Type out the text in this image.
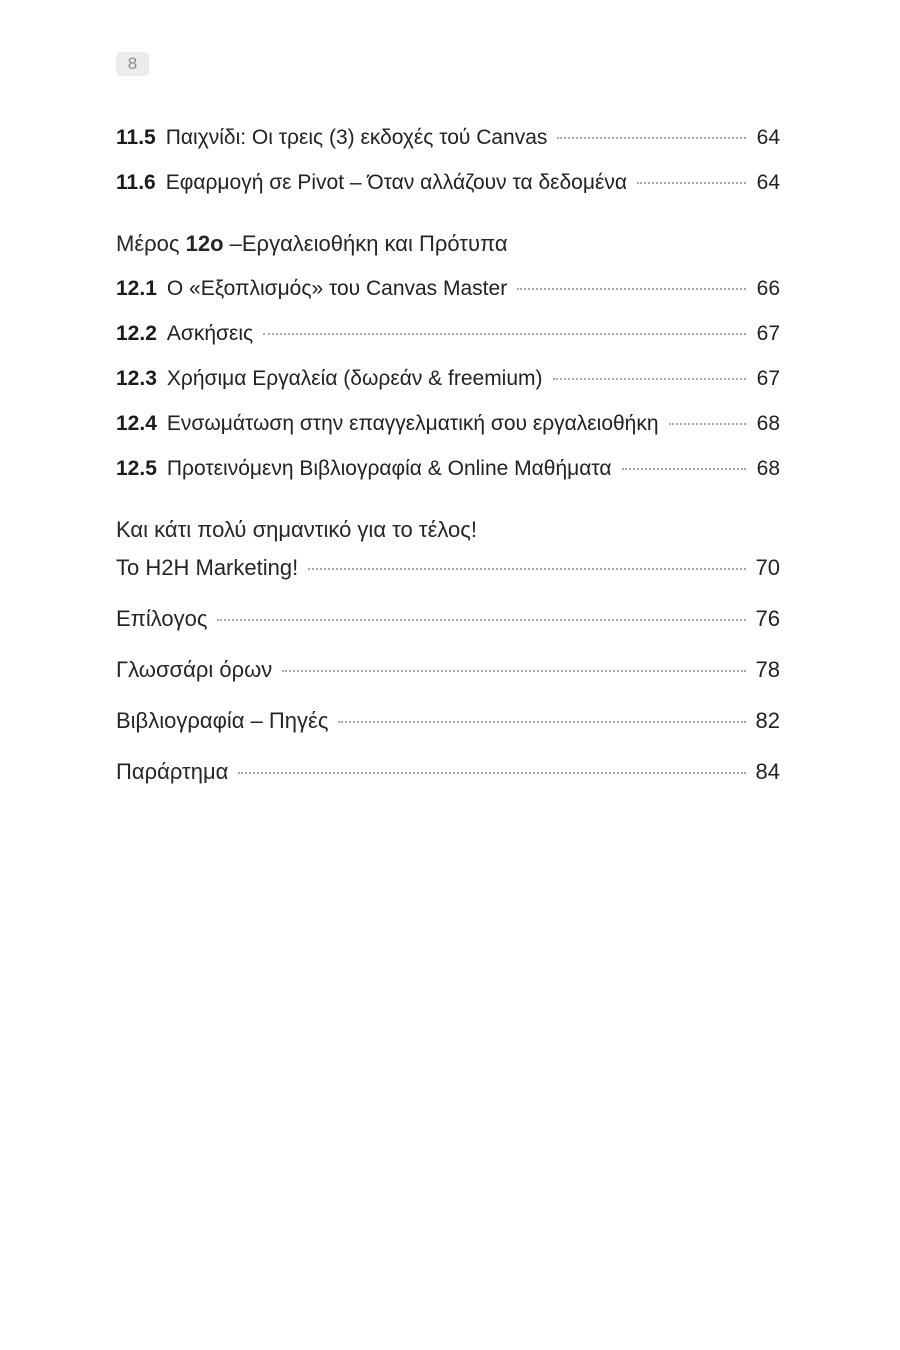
8
11.5 Παιχνίδι: Οι τρεις (3) εκδοχές τού Canvas	64
11.6 Εφαρμογή σε Pivot – Όταν αλλάζουν τα δεδομένα	64
Μέρος 12ο –Εργαλειοθήκη και Πρότυπα
12.1 Ο «Εξοπλισμός» του Canvas Master	66
12.2 Ασκήσεις	67
12.3 Χρήσιμα Εργαλεία (δωρεάν & freemium)	67
12.4 Ενσωμάτωση στην επαγγελματική σου εργαλειοθήκη	68
12.5 Προτεινόμενη Βιβλιογραφία & Online Μαθήματα	68
Και κάτι πολύ σημαντικό για το τέλος!
Το H2H Marketing!	70
Επίλογος	76
Γλωσσάρι όρων	78
Βιβλιογραφία – Πηγές	82
Παράρτημα	84
